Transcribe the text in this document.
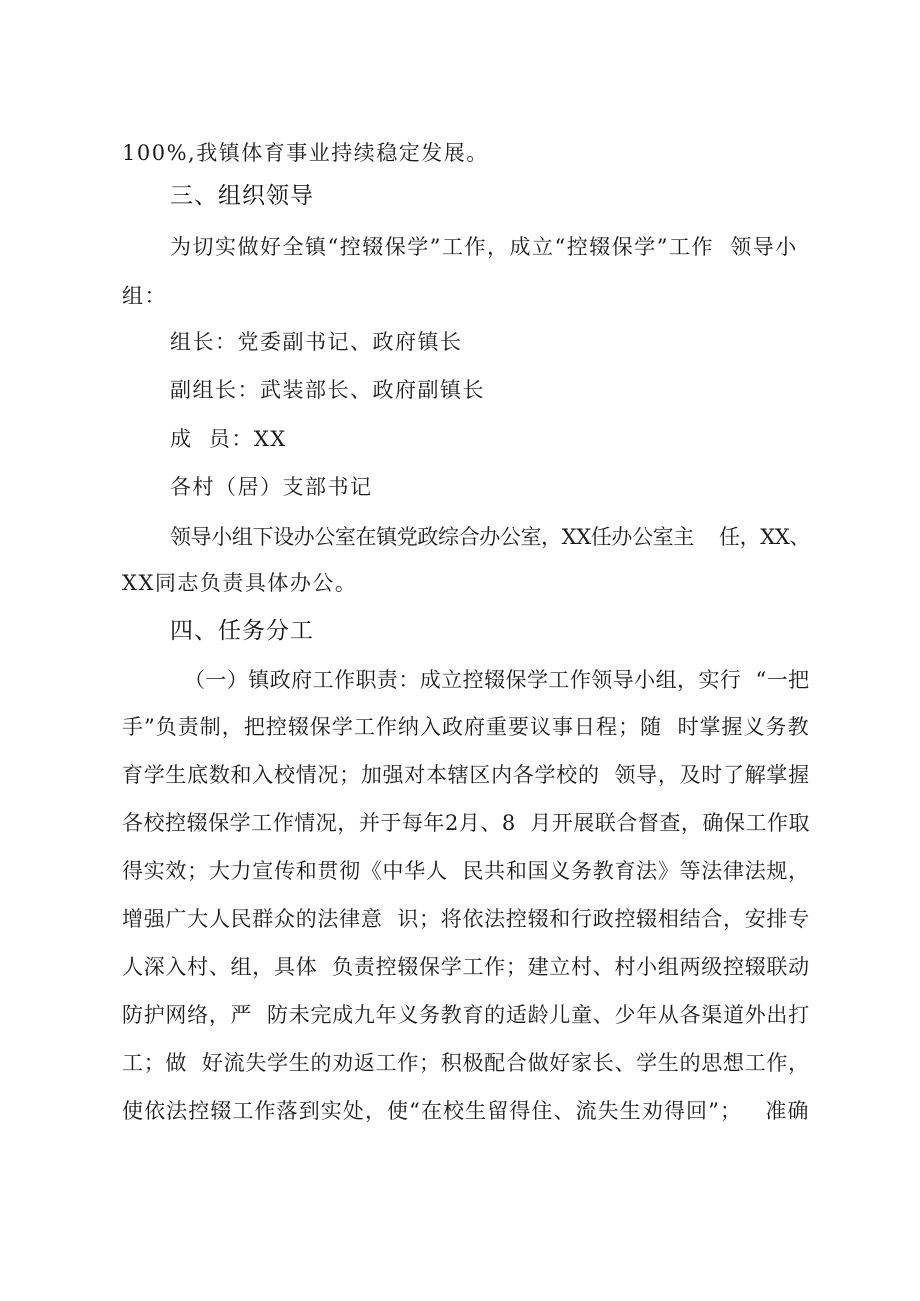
100%,我镇体育事业持续稳定发展。
三、组织领导
为切实做好全镇“控辍保学”工作，成立“控辍保学”工作  领导小
组：
组长：党委副书记、政府镇长
副组长：武装部长、政府副镇长
成  员：XX
各村（居）支部书记
领导小组下设办公室在镇党政综合办公室，XX任办公室主    任，XX、
XX同志负责具体办公。
四、任务分工
（一）镇政府工作职责：成立控辍保学工作领导小组，实行  “一把
手”负责制，把控辍保学工作纳入政府重要议事日程；随  时掌握义务教
育学生底数和入校情况；加强对本辖区内各学校的  领导，及时了解掌握
各校控辍保学工作情况，并于每年2月、8  月开展联合督查，确保工作取
得实效；大力宣传和贯彻《中华人  民共和国义务教育法》等法律法规，
增强广大人民群众的法律意  识；将依法控辍和行政控辍相结合，安排专
人深入村、组，具体  负责控辍保学工作；建立村、村小组两级控辍联动
防护网络，严  防未完成九年义务教育的适龄儿童、少年从各渠道外出打
工；做  好流失学生的劝返工作；积极配合做好家长、学生的思想工作，
使依法控辍工作落到实处，使“在校生留得住、流失生劝得回”；   准确
